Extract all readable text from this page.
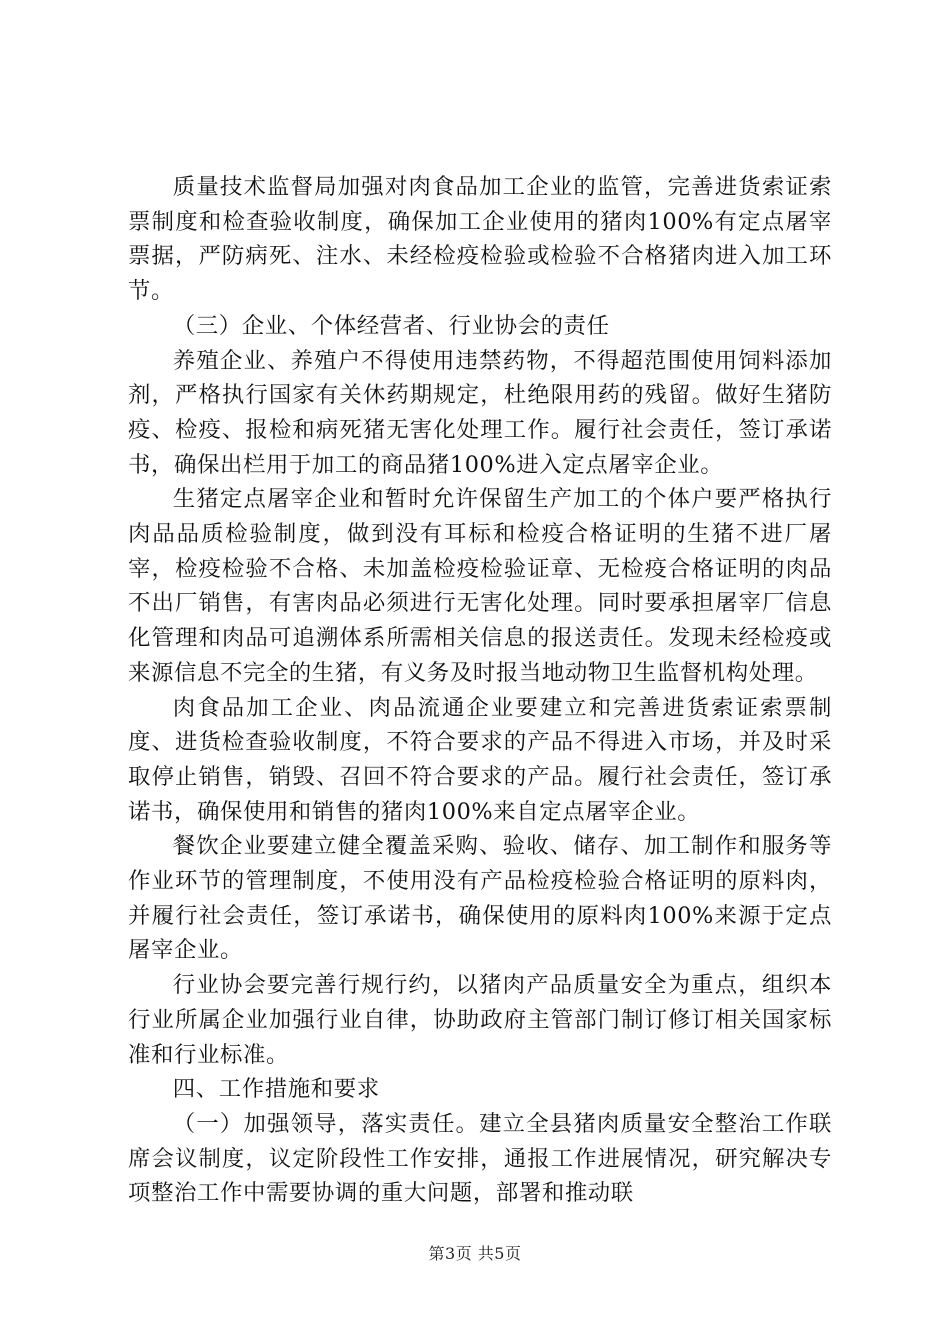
质量技术监督局加强对肉食品加工企业的监管，完善进货索证索票制度和检查验收制度，确保加工企业使用的猪肉100%有定点屠宰票据，严防病死、注水、未经检疫检验或检验不合格猪肉进入加工环节。

（三）企业、个体经营者、行业协会的责任

养殖企业、养殖户不得使用违禁药物，不得超范围使用饲料添加剂，严格执行国家有关休药期规定，杜绝限用药的残留。做好生猪防疫、检疫、报检和病死猪无害化处理工作。履行社会责任，签订承诺书，确保出栏用于加工的商品猪100%进入定点屠宰企业。

生猪定点屠宰企业和暂时允许保留生产加工的个体户要严格执行肉品品质检验制度，做到没有耳标和检疫合格证明的生猪不进厂屠宰，检疫检验不合格、未加盖检疫检验证章、无检疫合格证明的肉品不出厂销售，有害肉品必须进行无害化处理。同时要承担屠宰厂信息化管理和肉品可追溯体系所需相关信息的报送责任。发现未经检疫或来源信息不完全的生猪，有义务及时报当地动物卫生监督机构处理。

肉食品加工企业、肉品流通企业要建立和完善进货索证索票制度、进货检查验收制度，不符合要求的产品不得进入市场，并及时采取停止销售，销毁、召回不符合要求的产品。履行社会责任，签订承诺书，确保使用和销售的猪肉100%来自定点屠宰企业。

餐饮企业要建立健全覆盖采购、验收、储存、加工制作和服务等作业环节的管理制度，不使用没有产品检疫检验合格证明的原料肉，并履行社会责任，签订承诺书，确保使用的原料肉100%来源于定点屠宰企业。

行业协会要完善行规行约，以猪肉产品质量安全为重点，组织本行业所属企业加强行业自律，协助政府主管部门制订修订相关国家标准和行业标准。

四、工作措施和要求

（一）加强领导，落实责任。建立全县猪肉质量安全整治工作联席会议制度，议定阶段性工作安排，通报工作进展情况，研究解决专项整治工作中需要协调的重大问题，部署和推动联

第3页 共5页
